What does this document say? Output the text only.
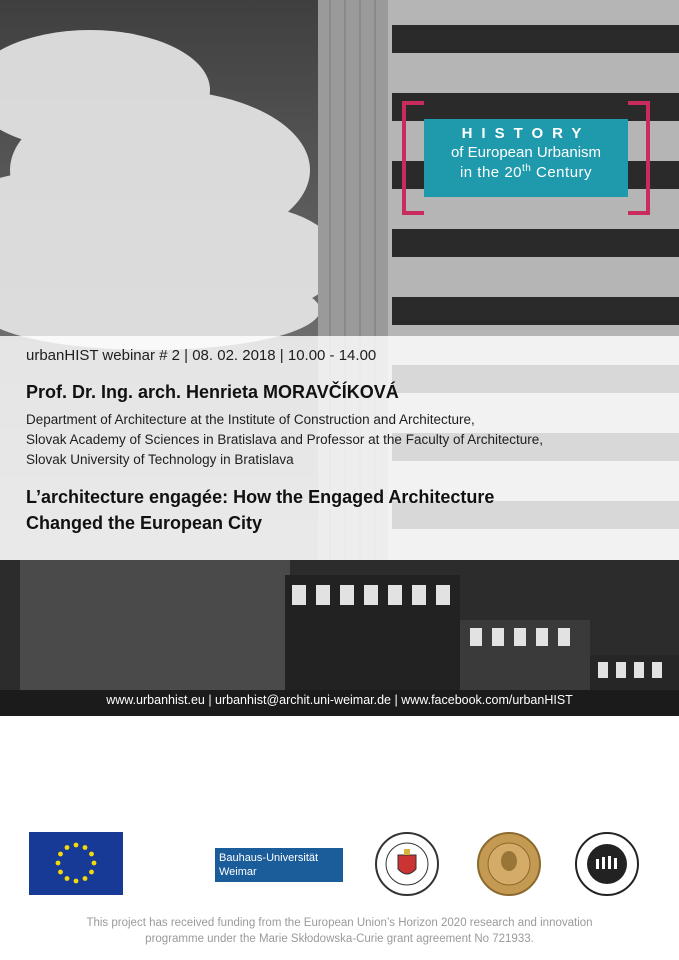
HISTORY
of European Urbanism
in the 20th Century
urbanHIST webinar # 2 | 08. 02. 2018 | 10.00 - 14.00
Prof. Dr. Ing. arch. Henrieta MORAVČÍKOVÁ
Department of Architecture at the Institute of Construction and Architecture,
Slovak Academy of Sciences in Bratislava and Professor at the Faculty of Architecture,
Slovak University of Technology in Bratislava
L’architecture engagée: How the Engaged Architecture
Changed the European City
www.urbanhist.eu | urbanhist@archit.uni-weimar.de | www.facebook.com/urbanHIST
Bauhaus-Universität
Weimar
This project has received funding from the European Union’s Horizon 2020 research and innovation
programme under the Marie Skłodowska-Curie grant agreement No 721933.
